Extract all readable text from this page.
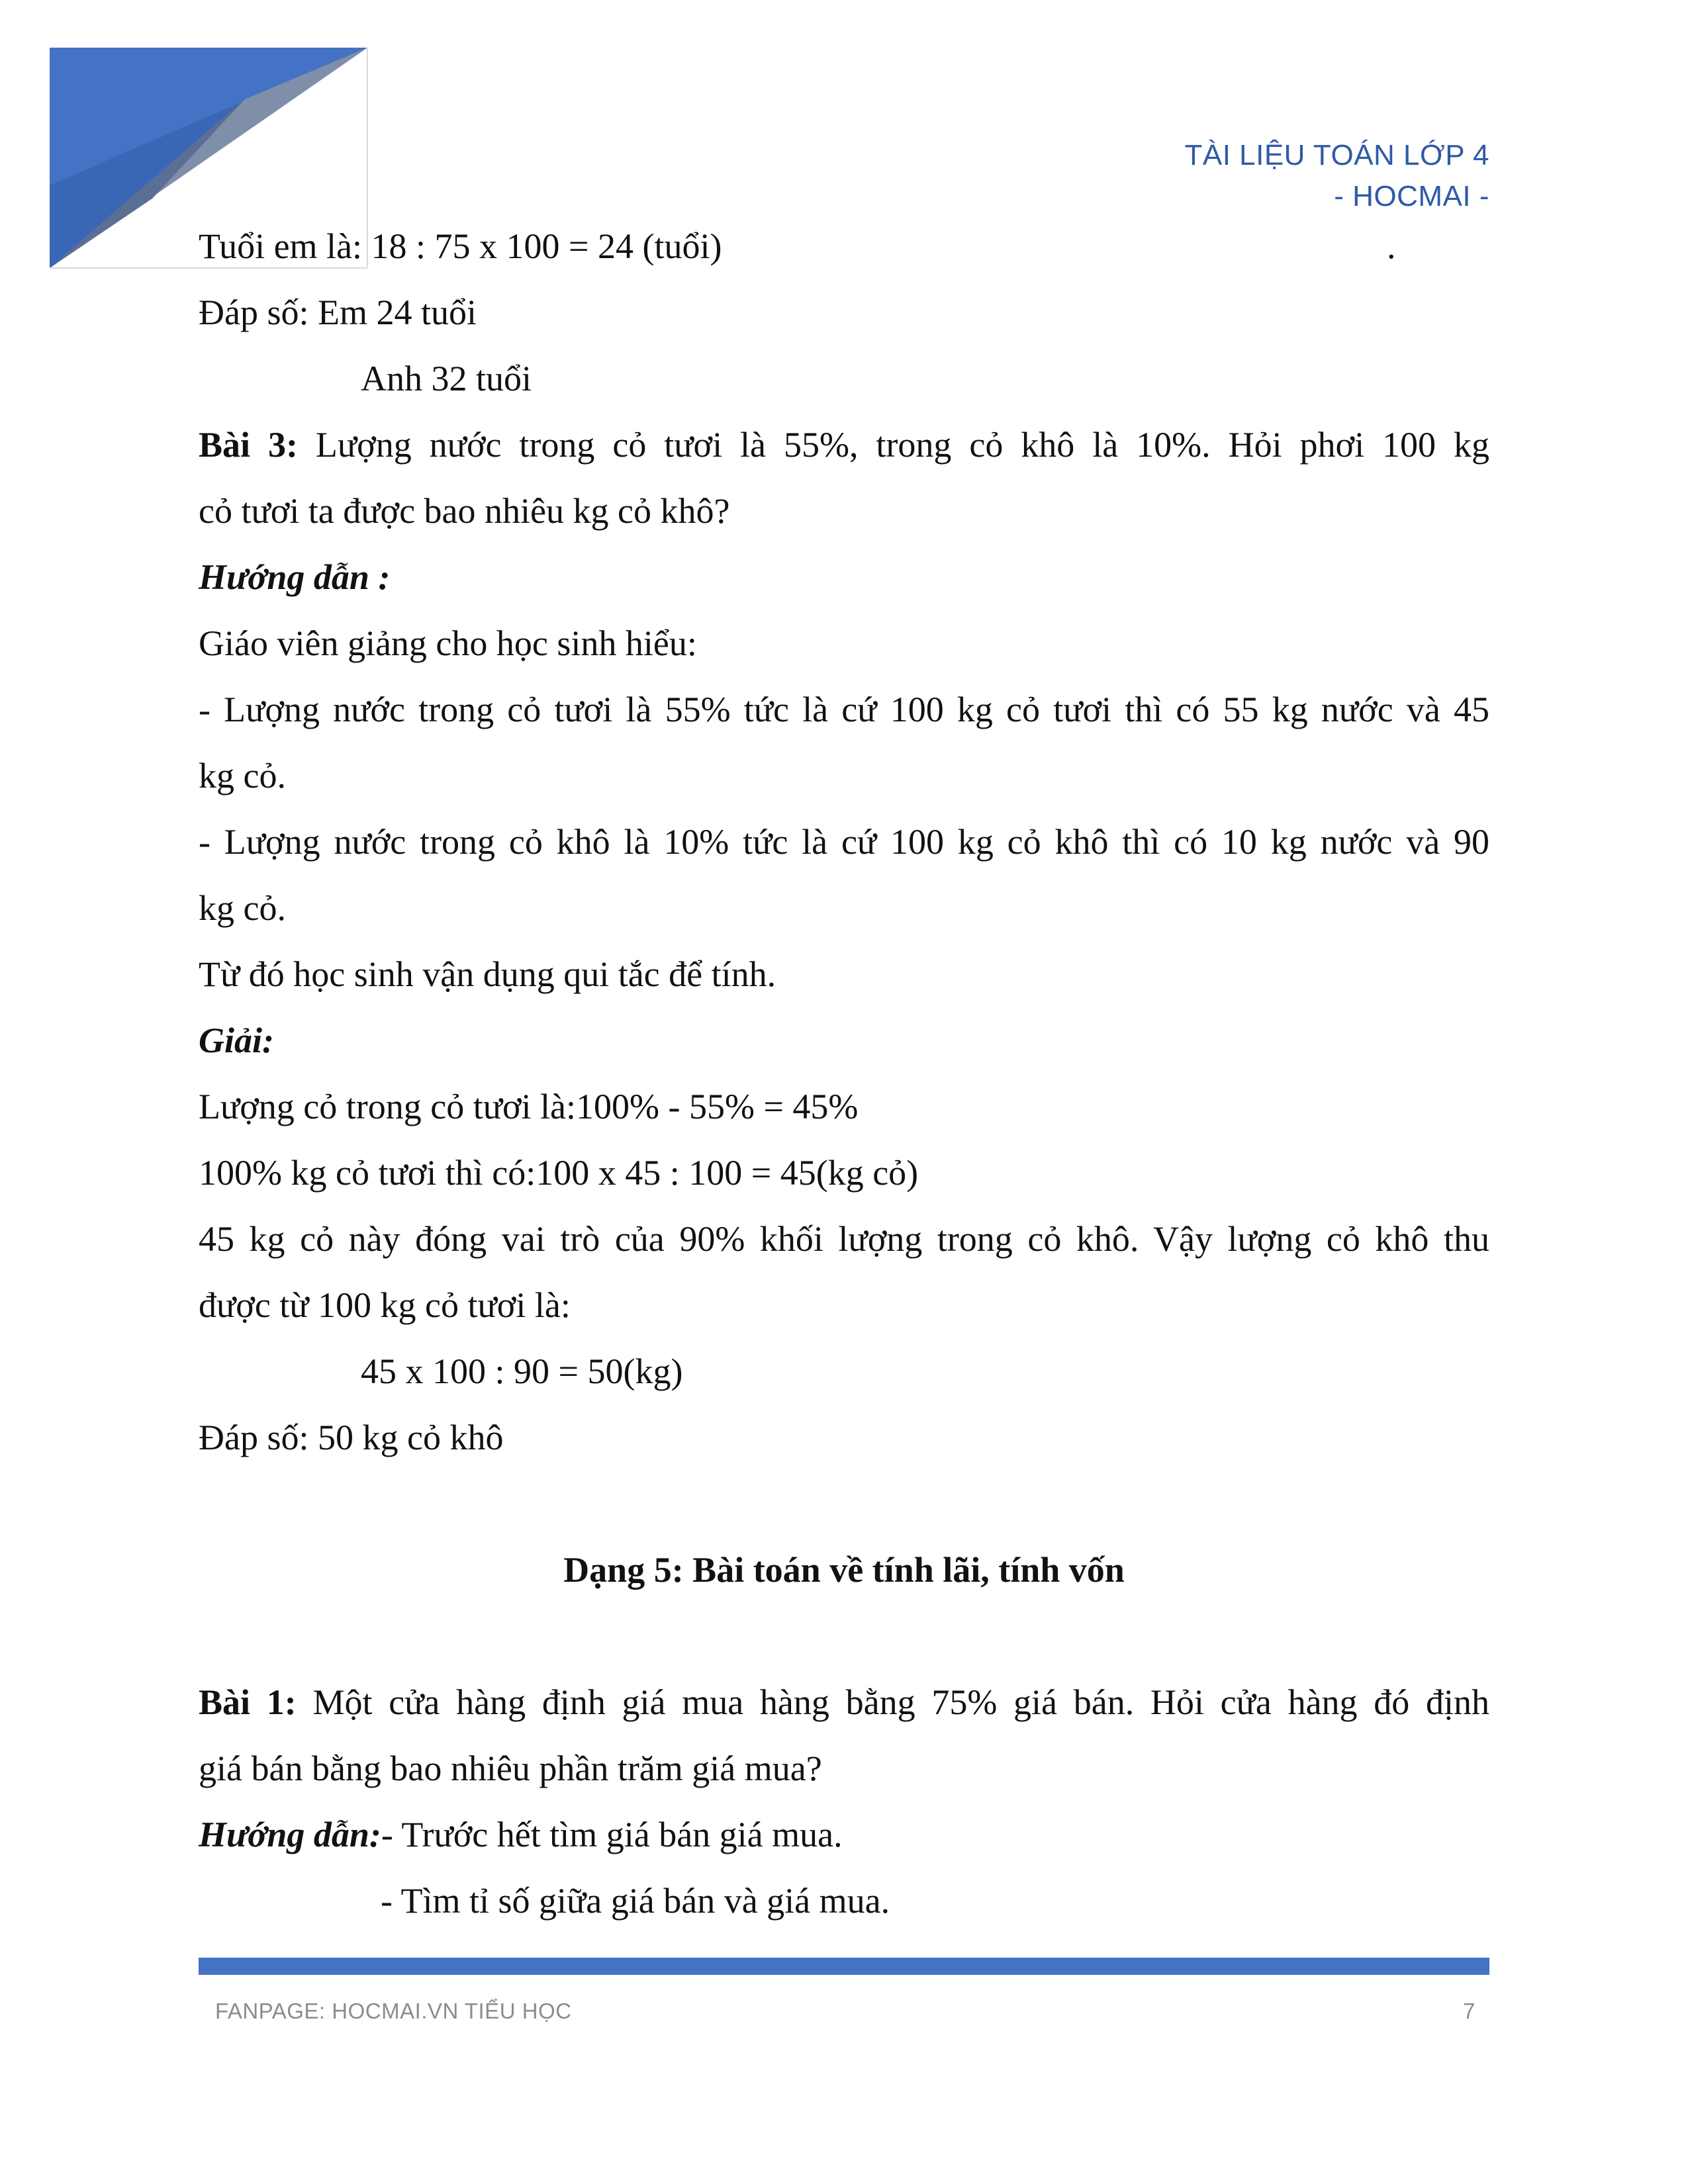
TÀI LIỆU TOÁN LỚP 4
- HOCMAI -
Tuổi em là: 18 : 75 x 100 = 24 (tuổi)	.
Đáp số: Em 24 tuổi
Anh 32 tuổi
Bài 3: Lượng nước trong cỏ tươi là 55%, trong cỏ khô là 10%. Hỏi phơi 100 kg
cỏ tươi ta được bao nhiêu kg cỏ khô?
Hướng dẫn :
Giáo viên giảng cho học sinh hiểu:
- Lượng nước trong cỏ tươi là 55% tức là cứ 100 kg cỏ tươi thì có 55 kg nước và 45
kg cỏ.
- Lượng nước trong cỏ khô là 10% tức là cứ 100 kg cỏ khô thì có 10 kg nước và 90
kg cỏ.
Từ đó học sinh vận dụng qui tắc để tính.
Giải:
Lượng cỏ trong cỏ tươi là:100% - 55% = 45%
100% kg cỏ tươi thì có:100 x 45 : 100 = 45(kg cỏ)
45 kg cỏ này đóng vai trò của 90% khối lượng trong cỏ khô. Vậy lượng cỏ khô thu
được từ 100 kg cỏ tươi là:
45 x 100 : 90 = 50(kg)
Đáp số: 50 kg cỏ khô
Dạng 5: Bài toán về tính lãi, tính vốn
Bài 1: Một cửa hàng định giá mua hàng bằng 75% giá bán. Hỏi cửa hàng đó định
giá bán bằng bao nhiêu phần trăm giá mua?
Hướng dẫn:- Trước hết tìm giá bán giá mua.
- Tìm tỉ số giữa giá bán và giá mua.
FANPAGE: HOCMAI.VN TIỂU HỌC	7
